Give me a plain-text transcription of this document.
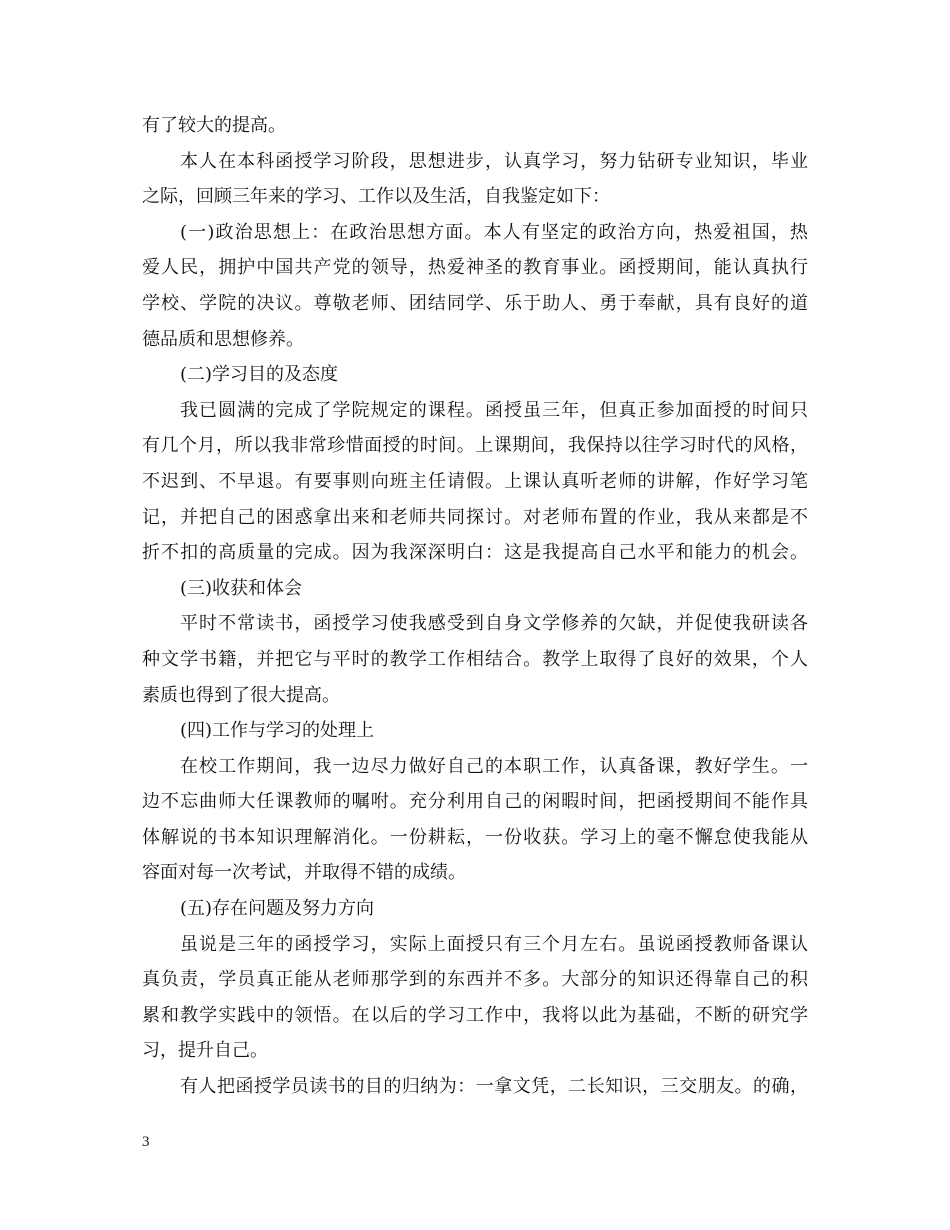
有了较大的提高。
本人在本科函授学习阶段，思想进步，认真学习，努力钻研专业知识，毕业
之际，回顾三年来的学习、工作以及生活，自我鉴定如下：
(一)政治思想上：在政治思想方面。本人有坚定的政治方向，热爱祖国，热
爱人民，拥护中国共产党的领导，热爱神圣的教育事业。函授期间，能认真执行
学校、学院的决议。尊敬老师、团结同学、乐于助人、勇于奉献，具有良好的道
德品质和思想修养。
(二)学习目的及态度
我已圆满的完成了学院规定的课程。函授虽三年，但真正参加面授的时间只
有几个月，所以我非常珍惜面授的时间。上课期间，我保持以往学习时代的风格，
不迟到、不早退。有要事则向班主任请假。上课认真听老师的讲解，作好学习笔
记，并把自己的困惑拿出来和老师共同探讨。对老师布置的作业，我从来都是不
折不扣的高质量的完成。因为我深深明白：这是我提高自己水平和能力的机会。
(三)收获和体会
平时不常读书，函授学习使我感受到自身文学修养的欠缺，并促使我研读各
种文学书籍，并把它与平时的教学工作相结合。教学上取得了良好的效果，个人
素质也得到了很大提高。
(四)工作与学习的处理上
在校工作期间，我一边尽力做好自己的本职工作，认真备课，教好学生。一
边不忘曲师大任课教师的嘱咐。充分利用自己的闲暇时间，把函授期间不能作具
体解说的书本知识理解消化。一份耕耘，一份收获。学习上的毫不懈怠使我能从
容面对每一次考试，并取得不错的成绩。
(五)存在问题及努力方向
虽说是三年的函授学习，实际上面授只有三个月左右。虽说函授教师备课认
真负责，学员真正能从老师那学到的东西并不多。大部分的知识还得靠自己的积
累和教学实践中的领悟。在以后的学习工作中，我将以此为基础，不断的研究学
习，提升自己。
有人把函授学员读书的目的归纳为：一拿文凭，二长知识，三交朋友。的确，
3
